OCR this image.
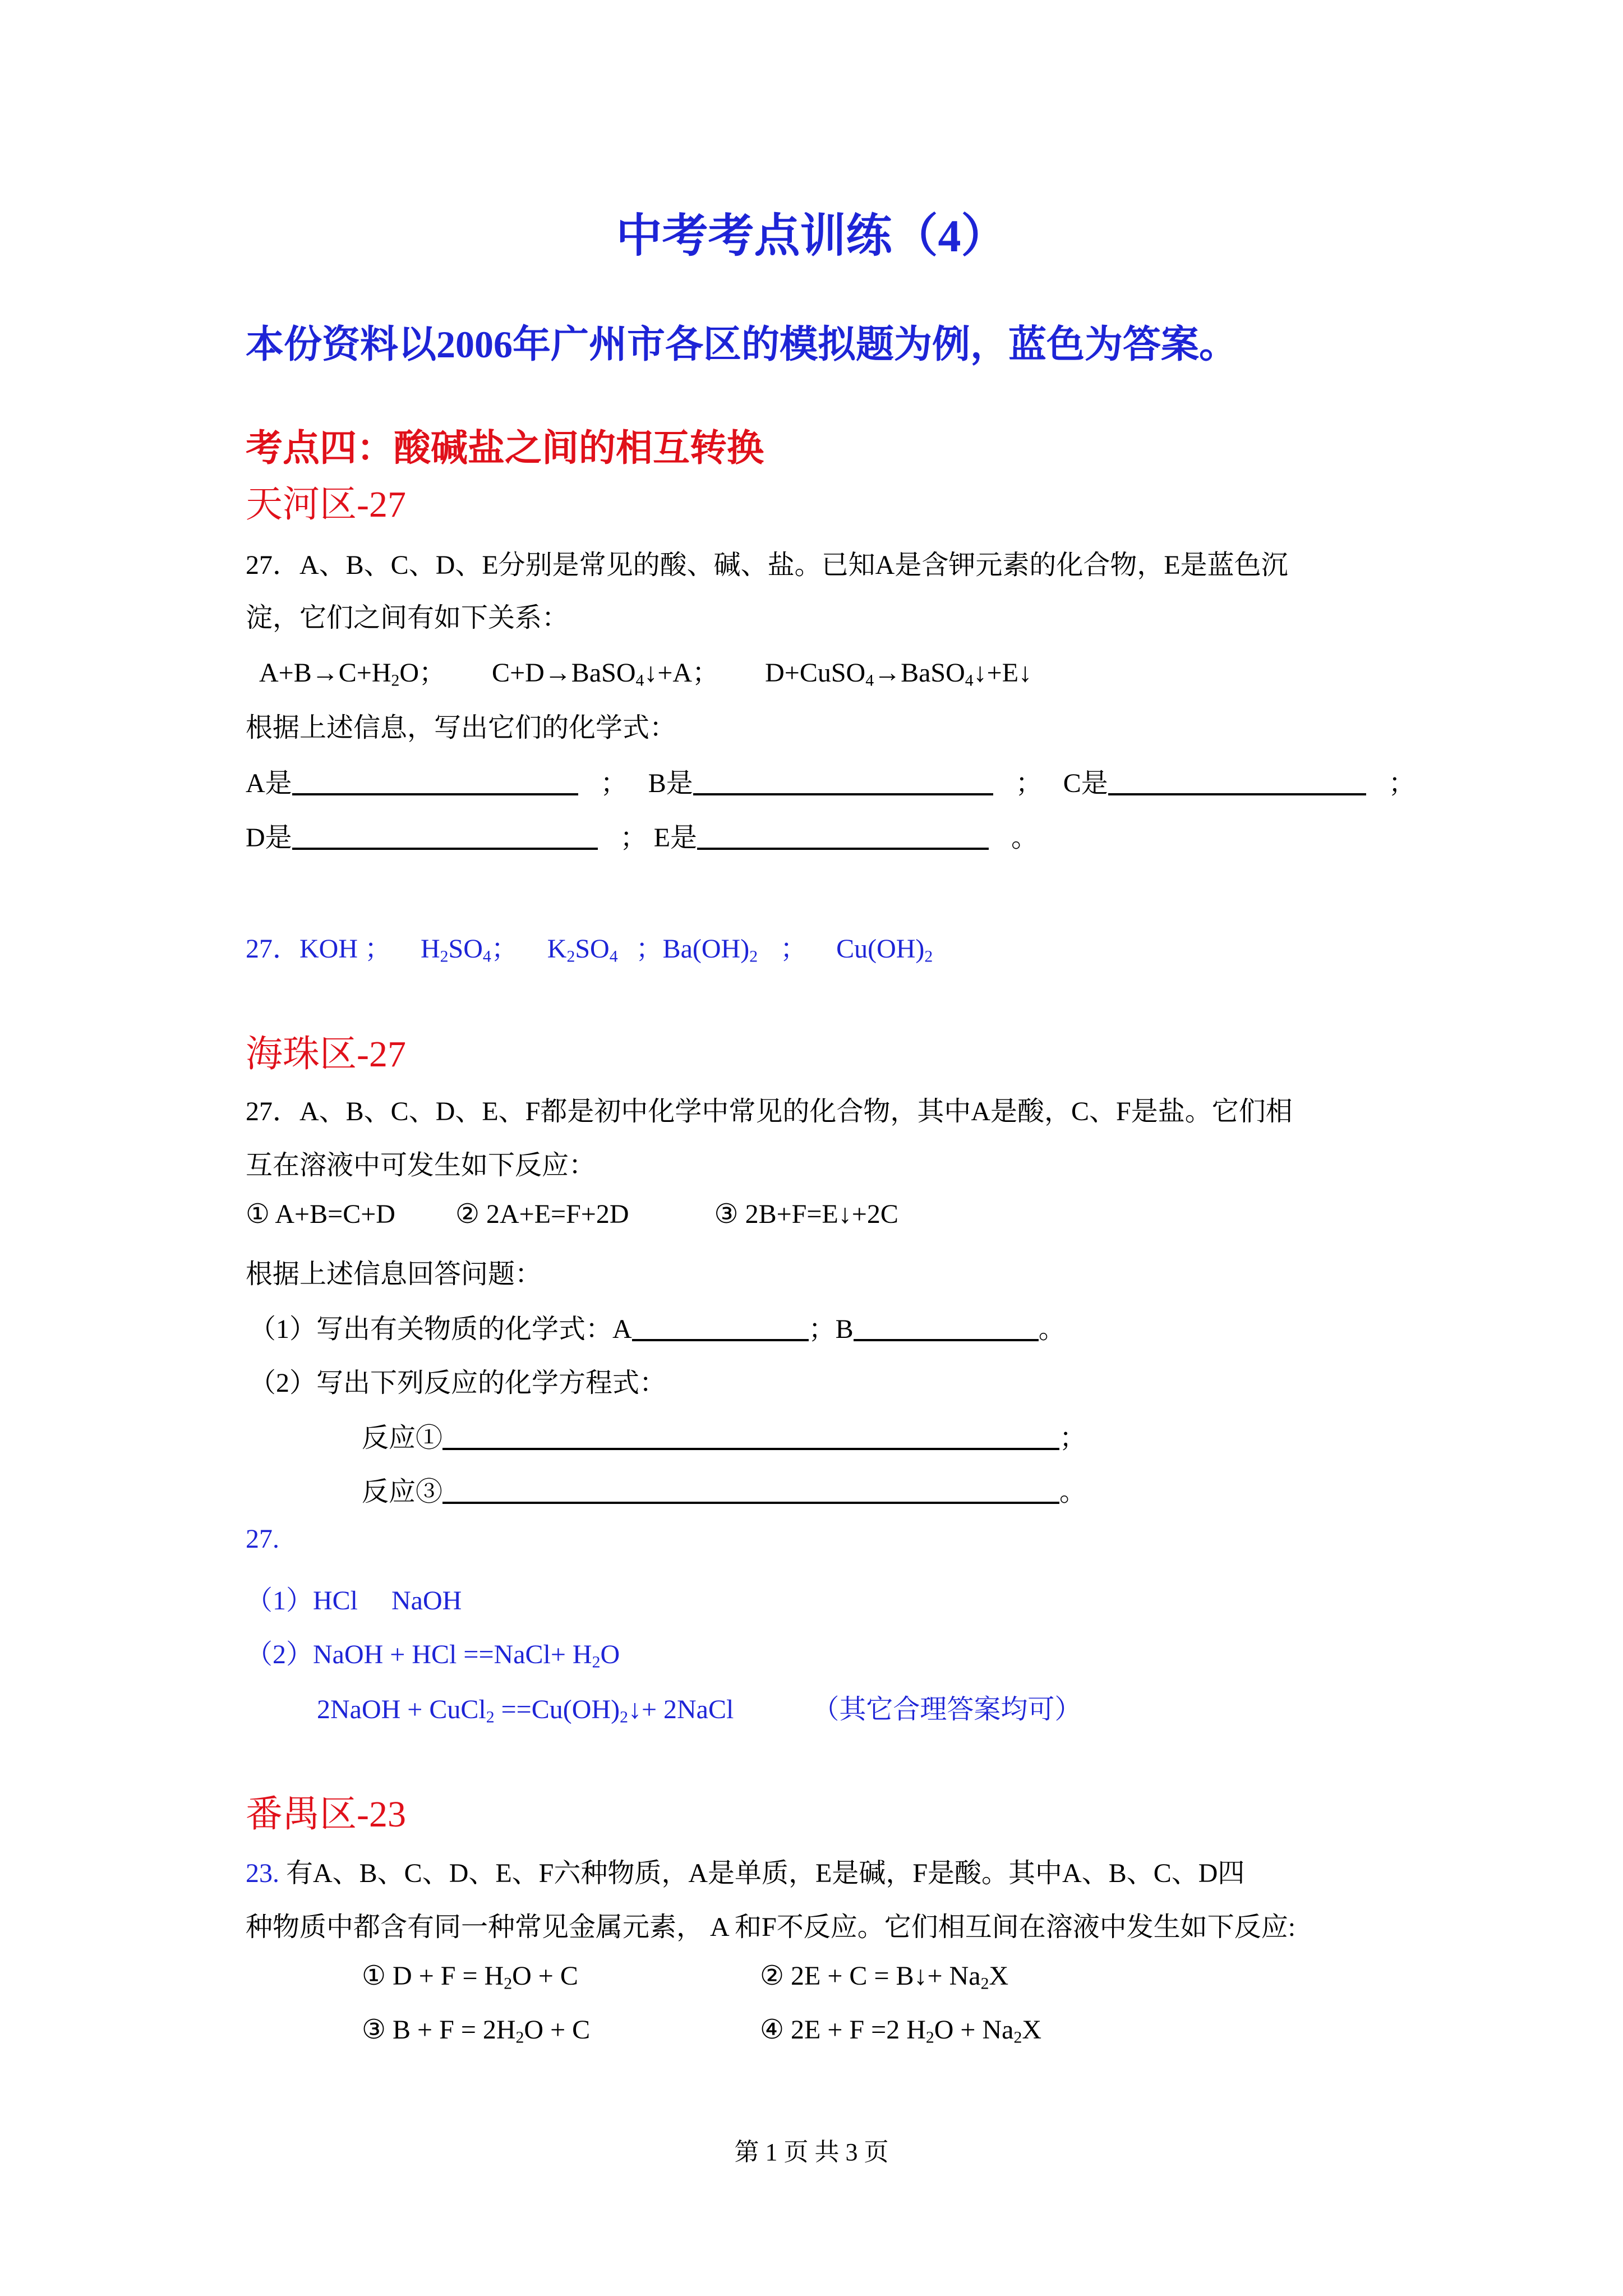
中考考点训练（4）
本份资料以2006年广州市各区的模拟题为例，蓝色为答案。
考点四：酸碱盐之间的相互转换
天河区-27
27．A、B、C、D、E分别是常见的酸、碱、盐。已知A是含钾元素的化合物，E是蓝色沉
淀，它们之间有如下关系：
$A+B\to C+H_2O$； C+D→BaSO$_4$↓+A； D+CuSO$_4$→BaSO$_4$↓+E↓
根据上述信息，写出它们的化学式：
A是	； B是	； C是	；
D是	； E是	。
27．KOH ； $H_2SO_4$； $K_2SO_4$ ；$Ba(OH)_2$ ； $Cu(OH)_2$
海珠区-27
27．A、B、C、D、E、F都是初中化学中常见的化合物，其中A是酸，C、F是盐。它们相
互在溶液中可发生如下反应：
① A+B=C+D ② 2A+E=F+2D	③ 2B+F=E↓+2C
根据上述信息回答问题：
（1）写出有关物质的化学式：A	；B	。
（2）写出下列反应的化学方程式：
反应①	；
反应③	。
27.
（1）HCl　 NaOH
（2）NaOH + HCl ==NaCl+ $H_2O$
2NaOH + CuCl$_2$ $==Cu(OH)_2↓+$ 2NaCl	（其它合理答案均可）
番禺区-23
23. 有A、B、C、D、E、F六种物质，A是单质，E是碱，F是酸。其中A、B、C、D四
种物质中都含有同一种常见金属元素， A 和F不反应。它们相互间在溶液中发生如下反应:
① $D + F = H_2O + C$	② 2E + C = B↓+ $Na_2X$
③ $B + F = 2H_2O + C$	④ 2E + F =2 $H_2O + Na_2X$
第 1 页 共 3 页
